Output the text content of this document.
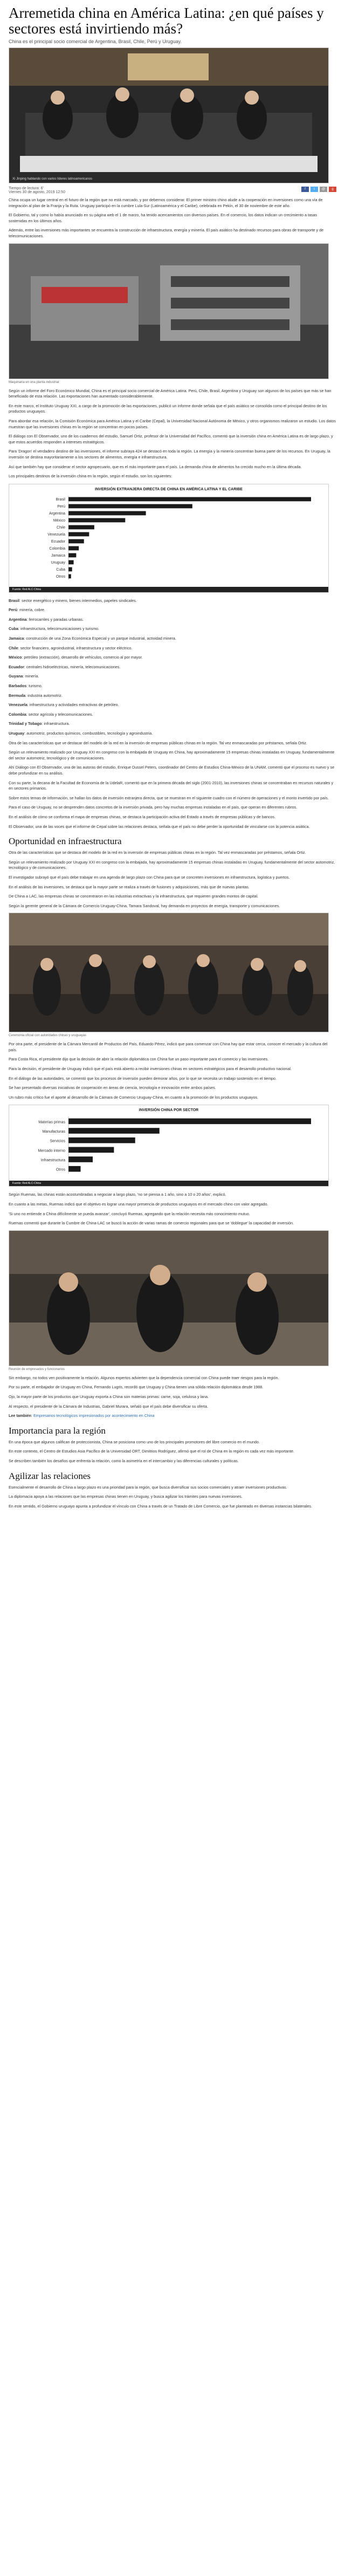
Arremetida china en América Latina: ¿en qué países y sectores está invirtiendo más?
China es el principal socio comercial de Argentina, Brasil, Chile, Perú y Uruguay.
Xi Jinping hablando con varios líderes latinoamericanos
Tiempo de lectura: 6'
Viernes 30 de agosto, 2019 12:50
f	t	@	g

China ocupa un lugar central en el futuro de la región que no está marcado, y por debemos considerar. El primer ministro chino alude a la cooperación en inversiones como una vía de integración al plan de la Franja y la Ruta. Uruguay participó en la cumbre Lula-Sur (Latinoamérica y el Caribe), celebrada en Pekín, el 30 de noviembre de este año.

El Gobierno, tal y como lo había anunciado en su página web el 1 de marzo, ha tenido acercamientos con diversos países. En el comercio, los datos indican un crecimiento a tasas sostenidas en los últimos años.

Además, entre las inversiones más importantes se encuentra la construcción de infraestructura, energía y minería. El país asiático ha destinado recursos para obras de transporte y de telecomunicaciones.

Maquinaria en una planta industrial

Según un informe del Foro Económico Mundial, China es el principal socio comercial de América Latina. Perú, Chile, Brasil, Argentina y Uruguay son algunos de los países que más se han beneficiado de esta relación. Las exportaciones han aumentado considerablemente.

En este marco, el Instituto Uruguay XXI, a cargo de la promoción de las exportaciones, publicó un informe donde señala que el país asiático se consolida como el principal destino de los productos uruguayos.

Para abordar esa relación, la Comisión Económica para América Latina y el Caribe (Cepal), la Universidad Nacional Autónoma de México, y otros organismos realizaron un estudio. Los datos muestran que las inversiones chinas en la región se concentran en pocos países.

El diálogo con El Observador, uno de los cuadernos del estudio, Samuel Ortiz, profesor de la Universidad del Pacífico, comentó que la inversión china en América Latina es de largo plazo, y que estos acuerdos responden a intereses estratégicos.

Para 'Dragon' el verdadero destino de las inversiones, el informe subraya 424 se destacó en toda la región. La energía y la minería concentran buena parte de los recursos. En Uruguay, la inversión se destina mayoritariamente a los sectores de alimentos, energía e infraestructura.

Así que también hay que considerar el sector agropecuario, que es el más importante para el país. La demanda china de alimentos ha crecido mucho en la última década.

Los principales destinos de la inversión china en la región, según el estudio, son los siguientes:

INVERSIÓN EXTRANJERA DIRECTA DE CHINA EN AMÉRICA LATINA Y EL CARIBE
Brasil
Perú
Argentina
México
Chile
Venezuela
Ecuador
Colombia
Jamaica
Uruguay
Cuba
Otros
Fuente: Red ALC-China

Brasil: sector energético y minero, bienes intermedios, papeles sindicales.

Perú: minería, cobre.

Argentina: ferrocarriles y paradas urbanas.

Cuba: infraestructura, telecomunicaciones y turismo.

Jamaica: construcción de una Zona Económica Especial y un parque industrial, actividad minera.

Chile: sector financiero, agroindustrial, infraestructura y sector eléctrico.

México: petróleo (extracción), desarrollo de vehículos, comercio al por mayor.

Ecuador: centrales hidroeléctricas, minería, telecomunicaciones.

Guyana: minería.

Barbados: turismo.

Bermuda: industria automotriz.

Venezuela: infraestructura y actividades extractivas de petróleo.

Colombia: sector agrícola y telecomunicaciones.

Trinidad y Tobago: infraestructura.

Uruguay: automotriz, productos químicos, combustibles, tecnología y agroindustria.

Otra de las características que ve destacar del modelo de la red en la inversión de empresas públicas chinas en la región. Tal vez enmascaradas por préstamos, señala Ortiz.

Según un relevamiento realizado por Uruguay XXI en congreso con la embajada de Uruguay en China, hay aproximadamente 15 empresas chinas instaladas en Uruguay, fundamentalmente del sector automotriz, tecnológico y de comunicaciones.

Ahí Diálogo con El Observador, una de las autoras del estudio, Enrique Dussel Peters, coordinador del Centro de Estudios China-México de la UNAM, comentó que el proceso es nuevo y se debe profundizar en su análisis.

Con su parte, la decana de la Facultad de Economía de la UdelaR, comentó que en la primera década del siglo (2001-2010), las inversiones chinas se concentraban en recursos naturales y en sectores primarios.

Sobre estos temas de información, se hallan los datos de inversión extranjera directa, que se muestran en el siguiente cuadro con el número de operaciones y el monto invertido por país.

Para el caso de Uruguay, no se desprenden datos concretos de la inversión privada, pero hay muchas empresas instaladas en el país, que operan en diferentes rubros.

En el análisis de cómo se conforma el mapa de empresas chinas, se destaca la participación activa del Estado a través de empresas públicas y de bancos.

El Observador, una de las voces que el informe de Cepal sobre las relaciones destaca, señala que el país no debe perder la oportunidad de vincularse con la potencia asiática.

Oportunidad en infraestructura

Otra de las características que se destaca del modelo de la red en la inversión de empresas públicas chinas en la región. Tal vez enmascaradas por préstamos, señala Ortiz.

Según un relevamiento realizado por Uruguay XXI en congreso con la embajada, hay aproximadamente 15 empresas chinas instaladas en Uruguay, fundamentalmente del sector automotriz, tecnológico y de comunicaciones.

El investigador subrayó que el país debe trabajar en una agenda de largo plazo con China para que se concreten inversiones en infraestructura, logística y puertos.

En el análisis de las inversiones, se destaca que la mayor parte se realiza a través de fusiones y adquisiciones, más que de nuevas plantas.

De China a LAC, las empresas chinas se concentraron en las industrias extractivas y la infraestructura, que requieren grandes montos de capital.

Según la gerente general de la Cámara de Comercio Uruguay-China, Tamara Sandoval, hay demanda en proyectos de energía, transporte y comunicaciones.

Ceremonia oficial con autoridades chinas y uruguayas

Por otra parte, el presidente de la Cámara Mercantil de Productos del País, Eduardo Pérez, indicó que para comenzar con China hay que estar cerca, conocer el mercado y la cultura del país.

Para Costa Rica, el presidente dijo que la decisión de abrir la relación diplomática con China fue un paso importante para el comercio y las inversiones.

Para la decisión, el presidente de Uruguay indicó que el país está abierto a recibir inversiones chinas en sectores estratégicos para el desarrollo productivo nacional.

En el diálogo de las autoridades, se comentó que los procesos de inversión pueden demorar años, por lo que se necesita un trabajo sostenido en el tiempo.

Se han presentado diversas iniciativas de cooperación en áreas de ciencia, tecnología e innovación entre ambos países.

Un rubro más crítico fue el aporte al desarrollo de la Cámara de Comercio Uruguay-China, en cuanto a la promoción de los productos uruguayos.

INVERSIÓN CHINA POR SECTOR
Materias primas
Manufacturas
Servicios
Mercado interno
Infraestructura
Otros
Fuente: Red ALC-China

Según Ruemas, las chinas están acostumbradas a negociar a largo plazo, 'no se piensa a 1 año, sino a 10 o 20 años', explicó.

En cuanto a las metas, Ruemas indicó que el objetivo es lograr una mayor presencia de productos uruguayos en el mercado chino con valor agregado.

'Si uno no entiende a China difícilmente se pueda avanzar', concluyó Ruemas, agregando que la relación necesita más conocimiento mutuo.

Ruemas comentó que durante la Cumbre de China-LAC se buscó la acción de varias ramas de comercio regionales para que se 'doblegue' la capacidad de inversión.

Reunión de empresarios y funcionarios

Sin embargo, no todos ven positivamente la relación. Algunos expertos advierten que la dependencia comercial con China puede traer riesgos para la región.

Por su parte, el embajador de Uruguay en China, Fernando Lugris, recordó que Uruguay y China tienen una sólida relación diplomática desde 1988.

Ojo, la mayor parte de los productos que Uruguay exporta a China son materias primas: carne, soja, celulosa y lana.

Al respecto, el presidente de la Cámara de Industrias, Gabriel Murara, señaló que el país debe diversificar su oferta.

Lee también: Empresarios tecnológicos impresionados por acontecimiento en China

Importancia para la región

En una época que algunos califican de proteccionista, China se posiciona como uno de los principales promotores del libre comercio en el mundo.

En este contexto, el Centro de Estudios Asia Pacífico de la Universidad ORT, Dimitrios Rodríguez, afirmó que el rol de China en la región es cada vez más importante.

Se describen también los desafíos que enfrenta la relación, como la asimetría en el intercambio y las diferencias culturales y políticas.

Agilizar las relaciones

Esencialmente el desarrollo de China a largo plazo es una prioridad para la región, que busca diversificar sus socios comerciales y atraer inversiones productivas.

La diplomacia apoya a las relaciones que las empresas chinas tienen en Uruguay, y busca agilizar los trámites para nuevas inversiones.

En este sentido, el Gobierno uruguayo apunta a profundizar el vínculo con China a través de un Tratado de Libre Comercio, que fue planteado en diversas instancias bilaterales.
